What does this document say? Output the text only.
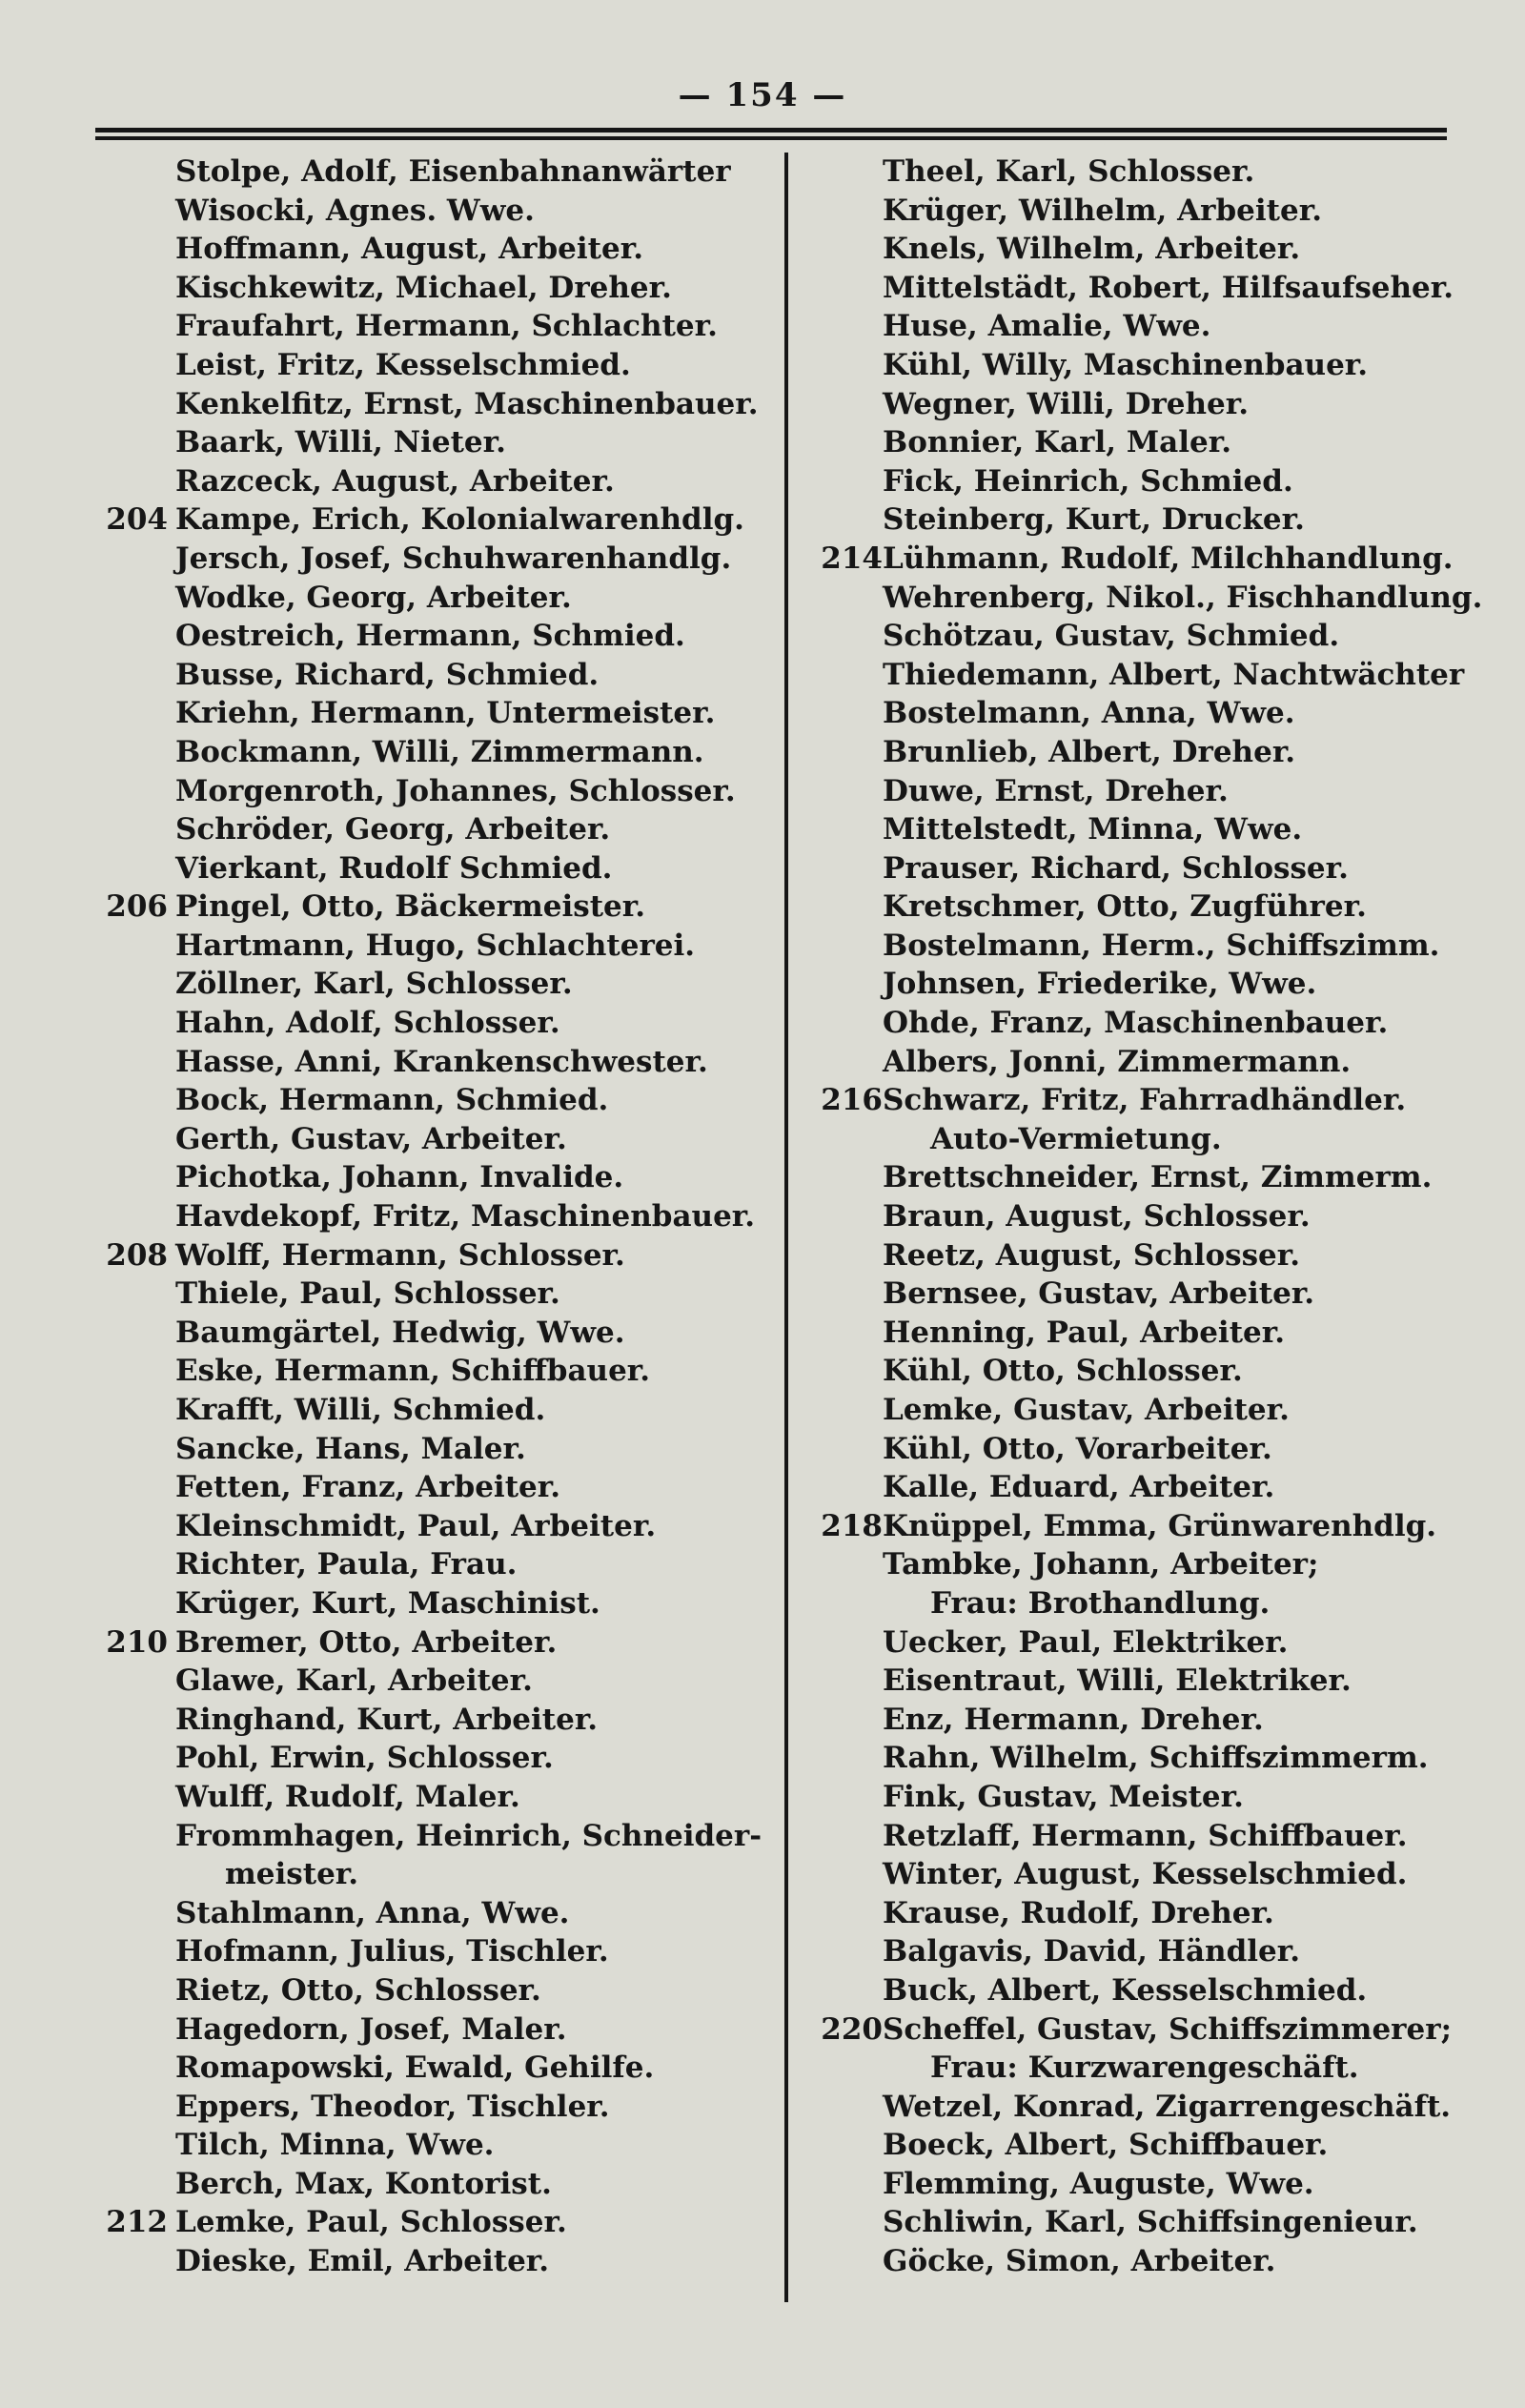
— 154 —
Stolpe, Adolf, Eisenbahnanwärter
Wisocki, Agnes. Wwe.
Hoffmann, August, Arbeiter.
Kischkewitz, Michael, Dreher.
Fraufahrt, Hermann, Schlachter.
Leist, Fritz, Kesselschmied.
Kenkelfitz, Ernst, Maschinenbauer.
Baark, Willi, Nieter.
Razceck, August, Arbeiter.
204 Kampe, Erich, Kolonialwarenhdlg.
Jersch, Josef, Schuhwarenhandlg.
Wodke, Georg, Arbeiter.
Oestreich, Hermann, Schmied.
Busse, Richard, Schmied.
Kriehn, Hermann, Untermeister.
Bockmann, Willi, Zimmermann.
Morgenroth, Johannes, Schlosser.
Schröder, Georg, Arbeiter.
Vierkant, Rudolf Schmied.
206 Pingel, Otto, Bäckermeister.
Hartmann, Hugo, Schlachterei.
Zöllner, Karl, Schlosser.
Hahn, Adolf, Schlosser.
Hasse, Anni, Krankenschwester.
Bock, Hermann, Schmied.
Gerth, Gustav, Arbeiter.
Pichotka, Johann, Invalide.
Havdekopf, Fritz, Maschinenbauer.
208 Wolff, Hermann, Schlosser.
Thiele, Paul, Schlosser.
Baumgärtel, Hedwig, Wwe.
Eske, Hermann, Schiffbauer.
Krafft, Willi, Schmied.
Sancke, Hans, Maler.
Fetten, Franz, Arbeiter.
Kleinschmidt, Paul, Arbeiter.
Richter, Paula, Frau.
Krüger, Kurt, Maschinist.
210 Bremer, Otto, Arbeiter.
Glawe, Karl, Arbeiter.
Ringhand, Kurt, Arbeiter.
Pohl, Erwin, Schlosser.
Wulff, Rudolf, Maler.
Frommhagen, Heinrich, Schneider-
meister.
Stahlmann, Anna, Wwe.
Hofmann, Julius, Tischler.
Rietz, Otto, Schlosser.
Hagedorn, Josef, Maler.
Romapowski, Ewald, Gehilfe.
Eppers, Theodor, Tischler.
Tilch, Minna, Wwe.
Berch, Max, Kontorist.
212 Lemke, Paul, Schlosser.
Dieske, Emil, Arbeiter.
Theel, Karl, Schlosser.
Krüger, Wilhelm, Arbeiter.
Knels, Wilhelm, Arbeiter.
Mittelstädt, Robert, Hilfsaufseher.
Huse, Amalie, Wwe.
Kühl, Willy, Maschinenbauer.
Wegner, Willi, Dreher.
Bonnier, Karl, Maler.
Fick, Heinrich, Schmied.
Steinberg, Kurt, Drucker.
214 Lühmann, Rudolf, Milchhandlung.
Wehrenberg, Nikol., Fischhandlung.
Schötzau, Gustav, Schmied.
Thiedemann, Albert, Nachtwächter
Bostelmann, Anna, Wwe.
Brunlieb, Albert, Dreher.
Duwe, Ernst, Dreher.
Mittelstedt, Minna, Wwe.
Prauser, Richard, Schlosser.
Kretschmer, Otto, Zugführer.
Bostelmann, Herm., Schiffszimm.
Johnsen, Friederike, Wwe.
Ohde, Franz, Maschinenbauer.
Albers, Jonni, Zimmermann.
216 Schwarz, Fritz, Fahrradhändler.
Auto-Vermietung.
Brettschneider, Ernst, Zimmerm.
Braun, August, Schlosser.
Reetz, August, Schlosser.
Bernsee, Gustav, Arbeiter.
Henning, Paul, Arbeiter.
Kühl, Otto, Schlosser.
Lemke, Gustav, Arbeiter.
Kühl, Otto, Vorarbeiter.
Kalle, Eduard, Arbeiter.
218 Knüppel, Emma, Grünwarenhdlg.
Tambke, Johann, Arbeiter;
Frau: Brothandlung.
Uecker, Paul, Elektriker.
Eisentraut, Willi, Elektriker.
Enz, Hermann, Dreher.
Rahn, Wilhelm, Schiffszimmerm.
Fink, Gustav, Meister.
Retzlaff, Hermann, Schiffbauer.
Winter, August, Kesselschmied.
Krause, Rudolf, Dreher.
Balgavis, David, Händler.
Buck, Albert, Kesselschmied.
220 Scheffel, Gustav, Schiffszimmerer;
Frau: Kurzwarengeschäft.
Wetzel, Konrad, Zigarrengeschäft.
Boeck, Albert, Schiffbauer.
Flemming, Auguste, Wwe.
Schliwin, Karl, Schiffsingenieur.
Göcke, Simon, Arbeiter.
